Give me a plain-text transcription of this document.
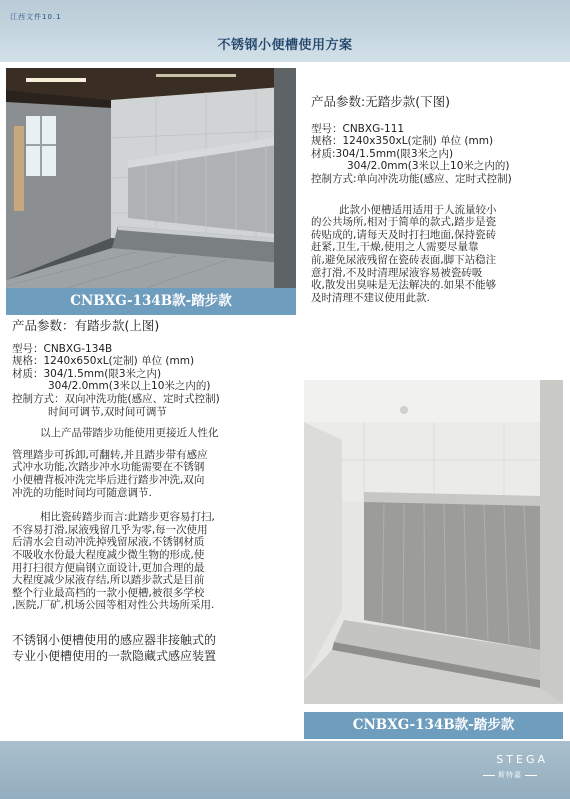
江西文件10.1
不锈钢小便槽使用方案
CNBXG-134B款-踏步款
产品参数：有踏步款(上图)
型号：CNBXG-134B
规格：1240x650xL(定制) 单位 (mm)
材质：304/1.5mm(限3米之内)
304/2.0mm(3米以上10米之内的)
控制方式：双向冲洗功能(感应、定时式控制)
时间可调节,双时间可调节
以上产品带踏步功能使用更接近人性化
管理踏步可拆卸,可翻转,并且踏步带有感应
式冲水功能,次踏步冲水功能需要在不锈钢
小便槽背板冲洗完毕后进行踏步冲洗,双向
冲洗的功能时间均可随意调节.
相比瓷砖踏步而言:此踏步更容易打扫,
不容易打滑,尿液残留几乎为零,每一次使用
后清水会自动冲洗掉残留尿液,不锈钢材质
不吸收水份最大程度减少微生物的形成,使
用打扫很方便扁钢立面设计,更加合理的最
大程度减少尿液存结,所以踏步款式是目前
整个行业最高档的一款小便槽,被很多学校
,医院,厂矿,机场公园等相对性公共场所采用.
不锈钢小便槽使用的感应器非接触式的
专业小便槽使用的一款隐藏式感应装置
产品参数:无踏步款(下图)
型号：CNBXG-111
规格：1240x350xL(定制) 单位 (mm)
材质:304/1.5mm(限3米之内)
304/2.0mm(3米以上10米之内的)
控制方式:单向冲洗功能(感应、定时式控制)
此款小便槽适用适用于人流量较小
的公共场所,相对于简单的款式,踏步是瓷
砖贴成的,请每天及时打扫地面,保持瓷砖
赶紧,卫生,干燥,使用之人需要尽量靠
前,避免尿液残留在瓷砖表面,脚下站稳注
意打滑,不及时清理尿液容易被瓷砖吸
收,散发出臭味是无法解决的.如果不能够
及时清理不建议使用此款.
CNBXG-134B款-踏步款
STEGA
斯特嘉
